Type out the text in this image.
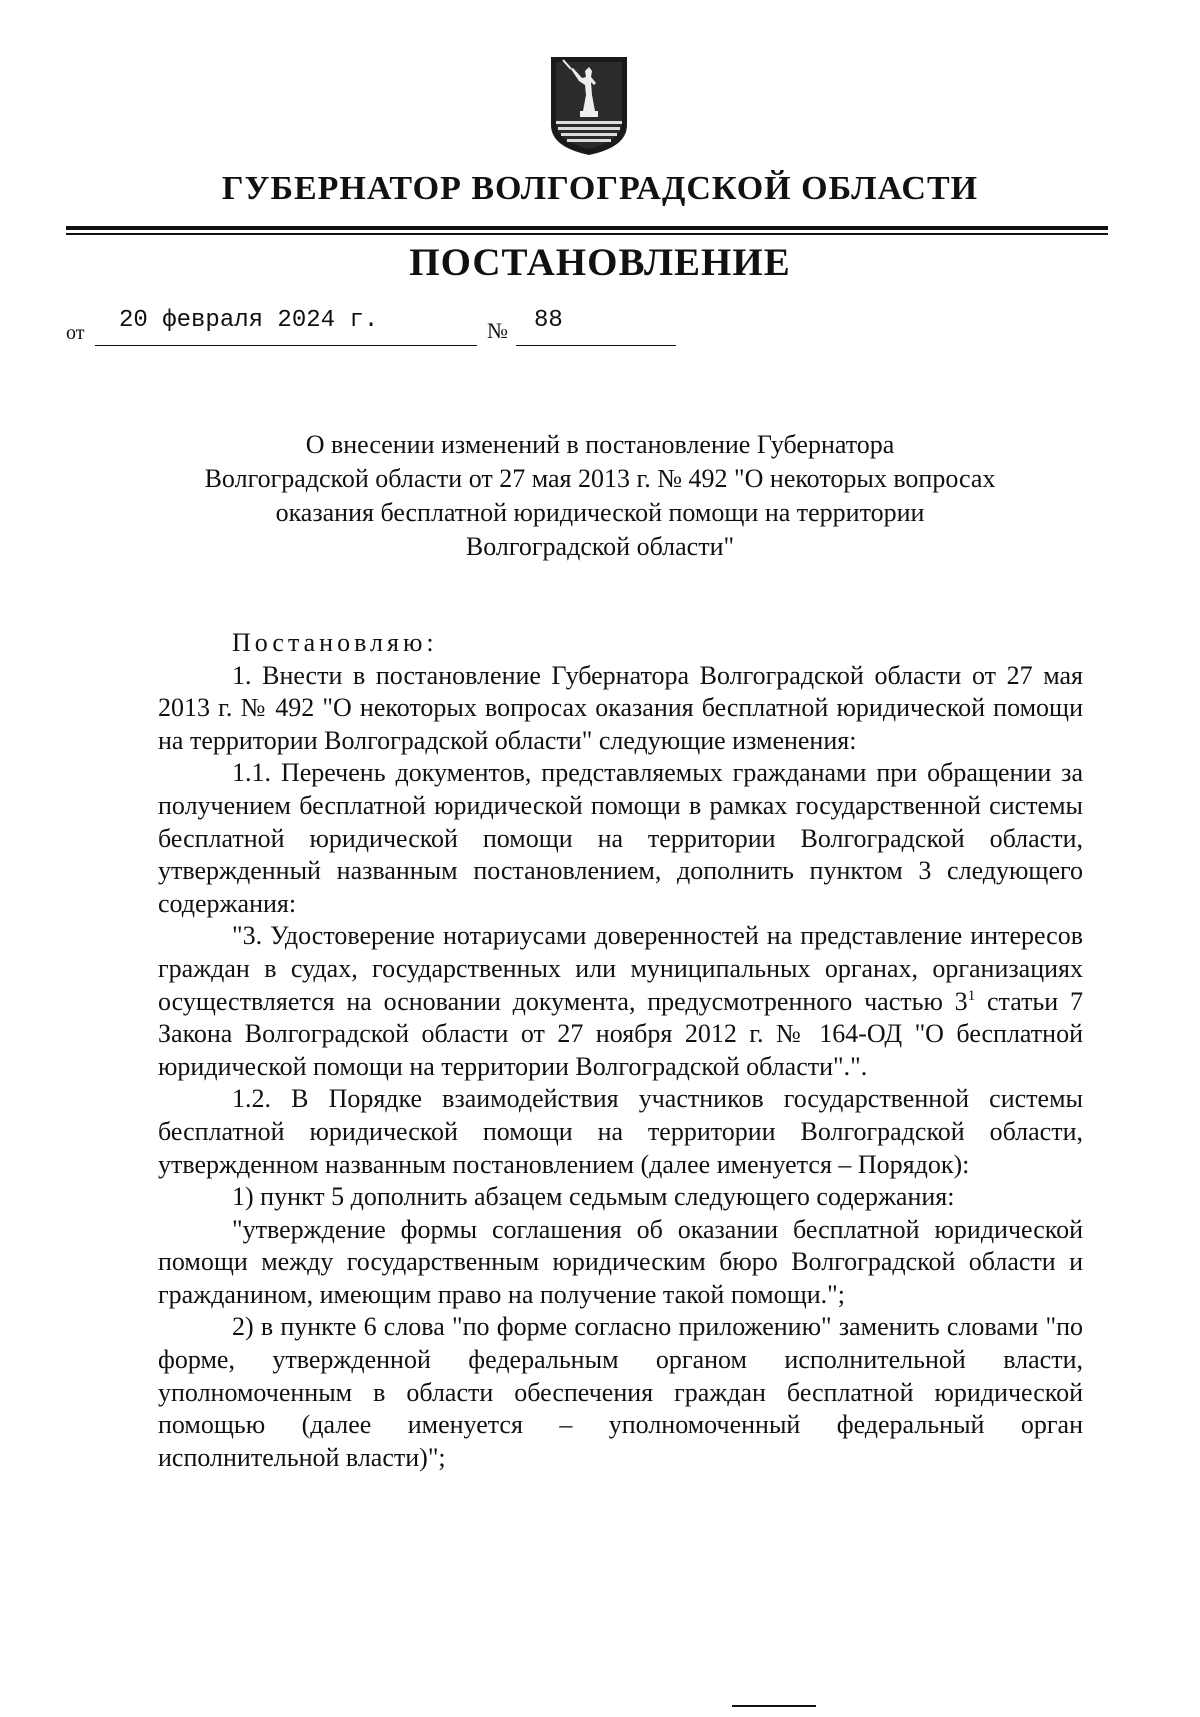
ГУБЕРНАТОР ВОЛГОГРАДСКОЙ ОБЛАСТИ
ПОСТАНОВЛЕНИЕ
от 20 февраля 2024 г.	№ 88
О внесении изменений в постановление Губернатора
Волгоградской области от 27 мая 2013 г. № 492 "О некоторых вопросах
оказания бесплатной юридической помощи на территории
Волгоградской области"

Постановляю:

1. Внести в постановление Губернатора Волгоградской области от 27 мая 2013 г. № 492 "О некоторых вопросах оказания бесплатной юридической помощи на территории Волгоградской области" следующие изменения:

1.1. Перечень документов, представляемых гражданами при обращении за получением бесплатной юридической помощи в рамках государственной системы бесплатной юридической помощи на территории Волгоградской области, утвержденный названным постановлением, дополнить пунктом 3 следующего содержания:

"3. Удостоверение нотариусами доверенностей на представление интересов граждан в судах, государственных или муниципальных органах, организациях осуществляется на основании документа, предусмотренного частью $3^1$ статьи 7 Закона Волгоградской области от 27 ноября 2012 г. № 164-ОД "О бесплатной юридической помощи на территории Волгоградской области".".

1.2. В Порядке взаимодействия участников государственной системы бесплатной юридической помощи на территории Волгоградской области, утвержденном названным постановлением (далее именуется – Порядок):

1) пункт 5 дополнить абзацем седьмым следующего содержания:

"утверждение формы соглашения об оказании бесплатной юридической помощи между государственным юридическим бюро Волгоградской области и гражданином, имеющим право на получение такой помощи.";

2) в пункте 6 слова "по форме согласно приложению" заменить словами "по форме, утвержденной федеральным органом исполнительной власти, уполномоченным в области обеспечения граждан бесплатной юридической помощью (далее именуется – уполномоченный федеральный орган исполнительной власти)";
